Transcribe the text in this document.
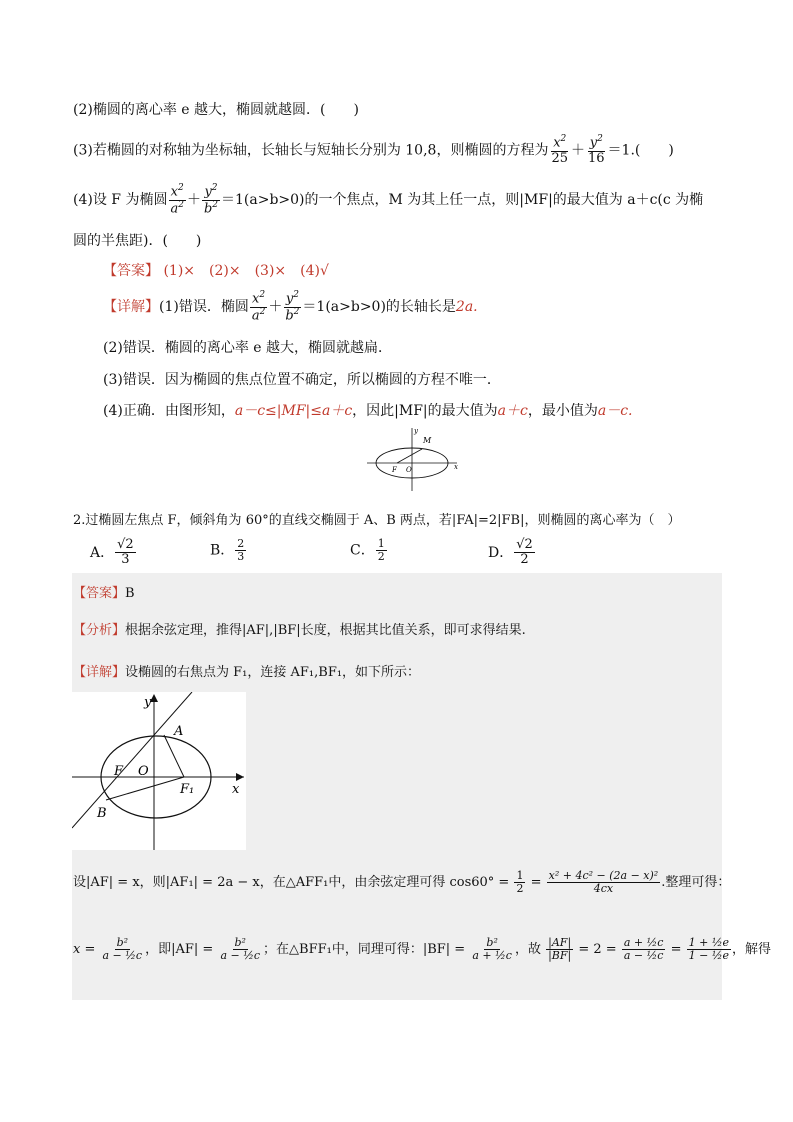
(2)椭圆的离心率 e 越大，椭圆就越圆．(　　)
(3)若椭圆的对称轴为坐标轴，长轴长与短轴长分别为 10,8，则椭圆的方程为 $\frac{x^2}{25} + \frac{y^2}{16} =1$.(　　)
(4)设 F 为椭圆 $\frac{x^2}{a^2} + \frac{y^2}{b^2} =1(a>b>0)$的一个焦点，M 为其上任一点，则|MF|的最大值为 a＋c(c 为椭
圆的半焦距)．(　　)
【答案】 (1)×　(2)×　(3)×　(4)√
【详解】(1)错误．椭圆 $\frac{x^2}{a^2} + \frac{y^2}{b^2} =1(a>b>0)$的长轴长是2a.
(2)错误．椭圆的离心率 e 越大，椭圆就越扁．
(3)错误．因为椭圆的焦点位置不确定，所以椭圆的方程不唯一．
(4)正确．由图形知，a－c≤|MF|≤a＋c，因此|MF|的最大值为a＋c，最小值为a－c.
y
M
F O	x
2.过椭圆左焦点 F，倾斜角为 60°的直线交椭圆于 A、B 两点，若|FA|=2|FB|，则椭圆的离心率为（　）
A． $\frac{√2}{3}$	B． $\frac{2}{3}$	C． $\frac{1}{2}$	D． $\frac{√2}{2}$
【答案】B
【分析】根据余弦定理，推得|AF|,|BF|长度，根据其比值关系，即可求得结果.
【详解】设椭圆的右焦点为 F₁，连接 AF₁,BF₁，如下所示：
y
A
F O
F₁	x
B
设|AF| = x，则|AF₁| = 2a − x，在△AFF₁中，由余弦定理可得 $\cos 60^\circ = \frac{1}{2} = \frac{\text{x² + 4c² − (2a − x)²}}{4cx}$ .整理可得：
$x = \frac{\text{b²}}{\text{a − ½c}}$ ，即$|AF| = \frac{\text{b²}}{\text{a − ½c}}$ ；在△BFF₁中，同理可得：$|BF| = \frac{\text{b²}}{\text{a + ½c}}$ ，故 $\frac{|AF|}{|BF|} = 2 = \frac{\text{a + ½c}}{\text{a − ½c}} = \frac{\text{1 + ½e}}{\text{1 − ½e}}$ ，解得
